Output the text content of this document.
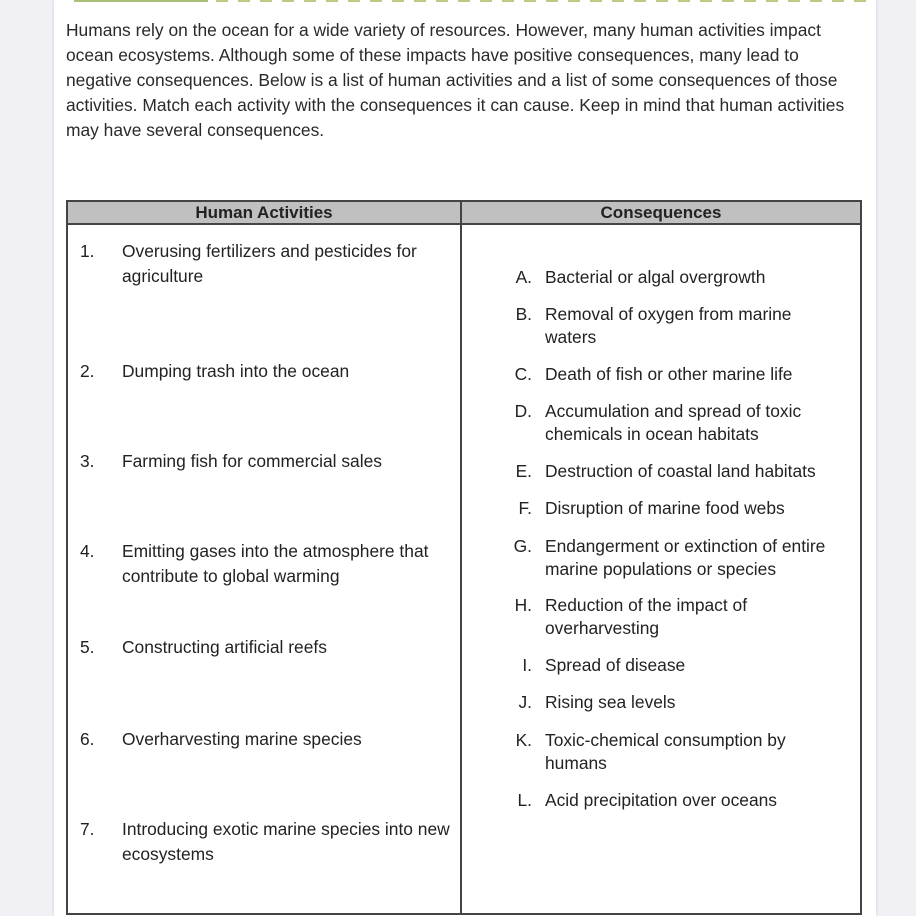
Humans rely on the ocean for a wide variety of resources. However, many human activities impact ocean ecosystems. Although some of these impacts have positive consequences, many lead to negative consequences. Below is a list of human activities and a list of some consequences of those activities. Match each activity with the consequences it can cause. Keep in mind that human activities may have several consequences.

Human Activities	Consequences

1.	Overusing fertilizers and pesticides for agriculture
2.	Dumping trash into the ocean
3.	Farming fish for commercial sales
4.	Emitting gases into the atmosphere that contribute to global warming
5.	Constructing artificial reefs
6.	Overharvesting marine species
7.	Introducing exotic marine species into new ecosystems

A. Bacterial or algal overgrowth
B. Removal of oxygen from marine waters
C. Death of fish or other marine life
D. Accumulation and spread of toxic chemicals in ocean habitats
E. Destruction of coastal land habitats
F. Disruption of marine food webs
G. Endangerment or extinction of entire marine populations or species
H. Reduction of the impact of overharvesting
I. Spread of disease
J. Rising sea levels
K. Toxic-chemical consumption by humans
L. Acid precipitation over oceans
